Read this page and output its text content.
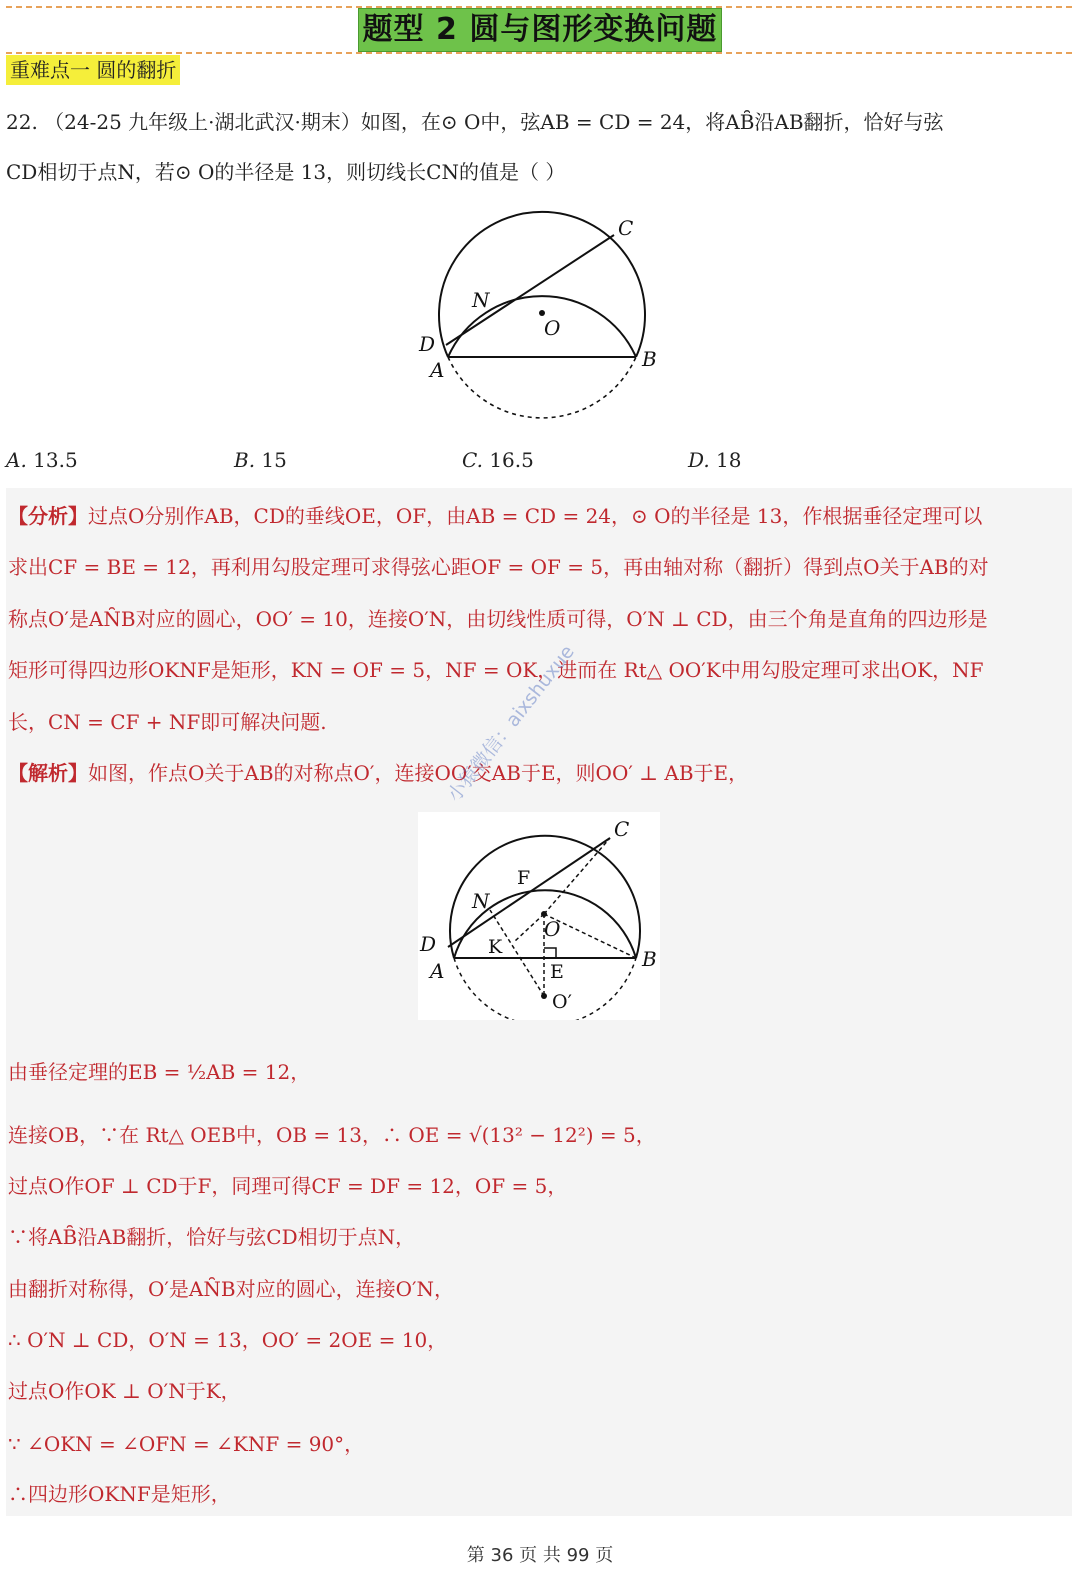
题型 2 圆与图形变换问题
重难点一 圆的翻折
22. （24-25 九年级上·湖北武汉·期末）如图，在⊙ O中，弦AB = CD = 24，将AB̑沿AB翻折，恰好与弦
CD相切于点N，若⊙ O的半径是 13，则切线长CN的值是（ ）
C
N
O
D
A	B
A. 13.5	B. 15	C. 16.5	D. 18
【分析】过点O分别作AB，CD的垂线OE，OF，由AB = CD = 24，⊙ O的半径是 13，作根据垂径定理可以
求出CF = BE = 12，再利用勾股定理可求得弦心距OF = OF = 5，再由轴对称（翻折）得到点O关于AB的对
称点O′是AN̑B对应的圆心，OO′ = 10，连接O′N，由切线性质可得，O′N ⊥ CD，由三个角是直角的四边形是
矩形可得四边形OKNF是矩形，KN = OF = 5，NF = OK，进而在 Rt△ OO′K中用勾股定理可求出OK，NF
长，CN = CF + NF即可解决问题.
【解析】如图，作点O关于AB的对称点O′，连接OO′交AB于E，则OO′ ⊥ AB于E，
C
F
N
O
D	K
E
A	B
O′
小猿微信：aixshuxue
由垂径定理的EB = ½AB = 12，
连接OB，∵在 Rt△ OEB中，OB = 13，∴ OE = √(13² − 12²) = 5，
过点O作OF ⊥ CD于F，同理可得CF = DF = 12，OF = 5，
∵将AB̑沿AB翻折，恰好与弦CD相切于点N，
由翻折对称得，O′是AN̑B对应的圆心，连接O′N，
∴ O′N ⊥ CD，O′N = 13，OO′ = 2OE = 10，
过点O作OK ⊥ O′N于K，
∵ ∠OKN = ∠OFN = ∠KNF = 90°，
∴四边形OKNF是矩形，
第 36 页 共 99 页
